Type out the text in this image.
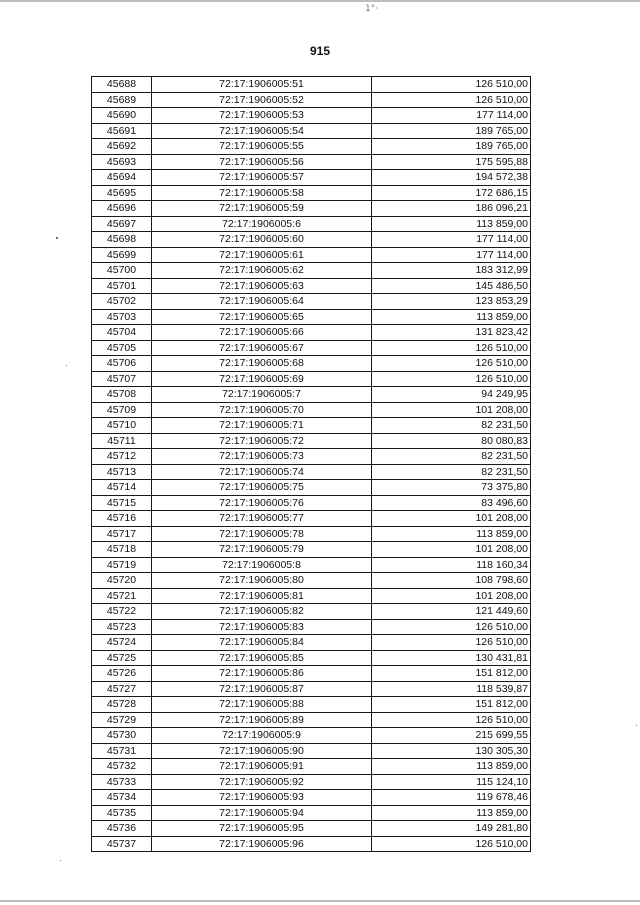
1°·
915
45688	72:17:1906005:51	126 510,00
45689	72:17:1906005:52	126 510,00
45690	72:17:1906005:53	177 114,00
45691	72:17:1906005:54	189 765,00
45692	72:17:1906005:55	189 765,00
45693	72:17:1906005:56	175 595,88
45694	72:17:1906005:57	194 572,38
45695	72:17:1906005:58	172 686,15
45696	72:17:1906005:59	186 096,21
45697	72:17:1906005:6	113 859,00
45698	72:17:1906005:60	177 114,00
45699	72:17:1906005:61	177 114,00
45700	72:17:1906005:62	183 312,99
45701	72:17:1906005:63	145 486,50
45702	72:17:1906005:64	123 853,29
45703	72:17:1906005:65	113 859,00
45704	72:17:1906005:66	131 823,42
45705	72:17:1906005:67	126 510,00
45706	72:17:1906005:68	126 510,00
45707	72:17:1906005:69	126 510,00
45708	72:17:1906005:7	94 249,95
45709	72:17:1906005:70	101 208,00
45710	72:17:1906005:71	82 231,50
45711	72:17:1906005:72	80 080,83
45712	72:17:1906005:73	82 231,50
45713	72:17:1906005:74	82 231,50
45714	72:17:1906005:75	73 375,80
45715	72:17:1906005:76	83 496,60
45716	72:17:1906005:77	101 208,00
45717	72:17:1906005:78	113 859,00
45718	72:17:1906005:79	101 208,00
45719	72:17:1906005:8	118 160,34
45720	72:17:1906005:80	108 798,60
45721	72:17:1906005:81	101 208,00
45722	72:17:1906005:82	121 449,60
45723	72:17:1906005:83	126 510,00
45724	72:17:1906005:84	126 510,00
45725	72:17:1906005:85	130 431,81
45726	72:17:1906005:86	151 812,00
45727	72:17:1906005:87	118 539,87
45728	72:17:1906005:88	151 812,00
45729	72:17:1906005:89	126 510,00
45730	72:17:1906005:9	215 699,55
45731	72:17:1906005:90	130 305,30
45732	72:17:1906005:91	113 859,00
45733	72:17:1906005:92	115 124,10
45734	72:17:1906005:93	119 678,46
45735	72:17:1906005:94	113 859,00
45736	72:17:1906005:95	149 281,80
45737	72:17:1906005:96	126 510,00
